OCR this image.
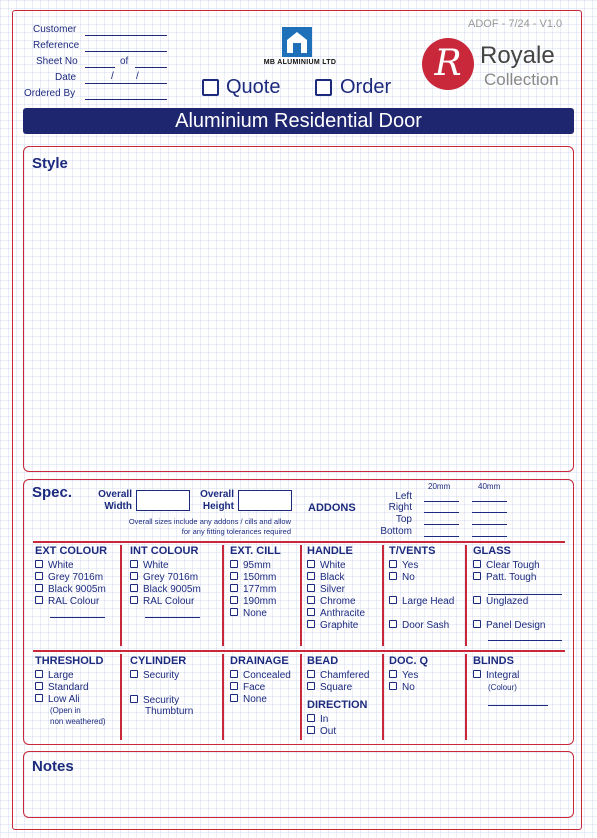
Customer
Reference
Sheet No	of
Date	/ /
Ordered By
MB ALUMINIUM LTD
Quote	Order
ADOF - 7/24 - V1.0
R Royale
Collection
Aluminium Residential Door
Style
Spec.	Overall
Width
Overall
Height
Overall sizes include any addons / cills and allow
for any fitting tolerances required
ADDONS
20mm	40mm
Left
Right
Top
Bottom
EXT COLOUR
White
Grey 7016m
Black 9005m
RAL Colour
INT COLOUR
White
Grey 7016m
Black 9005m
RAL Colour
EXT. CILL
95mm
150mm
177mm
190mm
None
HANDLE
White
Black
Silver
Chrome
Anthracite
Graphite
T/VENTS
Yes
No
Large Head
Door Sash
GLASS
Clear Tough
Patt. Tough
Unglazed
Panel Design
THRESHOLD
Large
Standard
Low Ali
(Open in
non weathered)
CYLINDER
Security
Security
Thumbturn
DRAINAGE
Concealed
Face
None
BEAD
Chamfered
Square
DIRECTION
In
Out
DOC. Q
Yes
No
BLINDS
Integral
(Colour)
Notes
